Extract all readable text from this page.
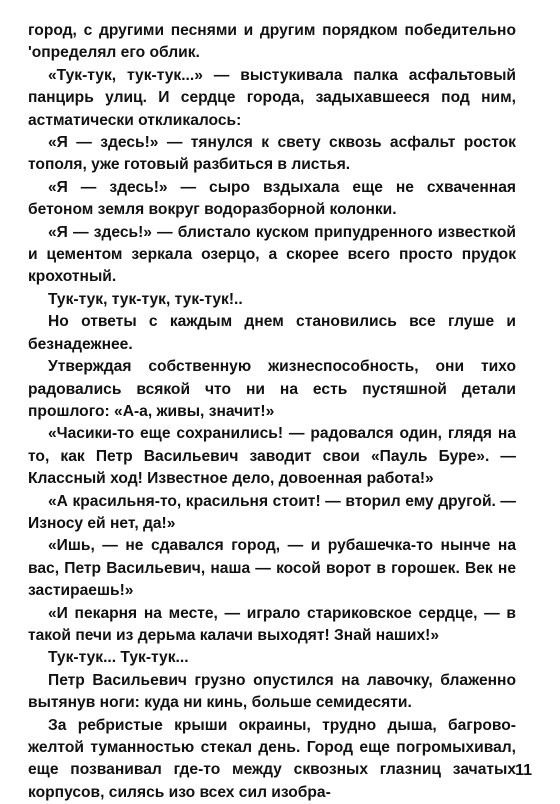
город, с другими песнями и другим порядком победительно 'определял его облик.

«Тук-тук, тук-тук...» — выстукивала палка асфальтовый панцирь улиц. И сердце города, задыхавшееся под ним, астматически откликалось:

«Я — здесь!» — тянулся к свету сквозь асфальт росток тополя, уже готовый разбиться в листья.

«Я — здесь!» — сыро вздыхала еще не схваченная бетоном земля вокруг водоразборной колонки.

«Я — здесь!» — блистало куском припудренного известкой и цементом зеркала озерцо, а скорее всего просто прудок крохотный.

Тук-тук, тук-тук, тук-тук!..

Но ответы с каждым днем становились все глуше и безнадежнее.

Утверждая собственную жизнеспособность, они тихо радовались всякой что ни на есть пустяшной детали прошлого: «А-а, живы, значит!»

«Часики-то еще сохранились! — радовался один, глядя на то, как Петр Васильевич заводит свои «Пауль Буре». — Классный ход! Известное дело, довоенная работа!»

«А красильня-то, красильня стоит! — вторил ему другой. — Износу ей нет, да!»

«Ишь, — не сдавался город, — и рубашечка-то нынче на вас, Петр Васильевич, наша — косой ворот в горошек. Век не застираешь!»

«И пекарня на месте, — играло стариковское сердце, — в такой печи из дерьма калачи выходят! Знай наших!»

Тук-тук... Тук-тук...

Петр Васильевич грузно опустился на лавочку, блаженно вытянув ноги: куда ни кинь, больше семидесяти.

За ребристые крыши окраины, трудно дыша, багрово-желтой туманностью стекал день. Город еще погромыхивал, еще позванивал где-то между сквозных глазниц зачатых корпусов, силясь изо всех сил изобра-

11
